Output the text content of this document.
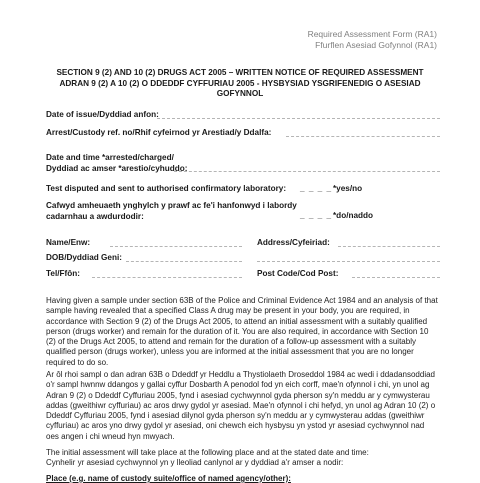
Required Assessment Form (RA1)
Ffurflen Asesiad Gofynnol (RA1)
SECTION 9 (2) AND 10 (2) DRUGS ACT 2005 – WRITTEN NOTICE OF REQUIRED ASSESSMENT
ADRAN 9 (2) A 10 (2) O DDEDDF CYFFURIAU 2005 - HYSBYSIAD YSGRIFENEDIG O ASESIAD GOFYNNOL
Date of issue/Dyddiad anfon:
Arrest/Custody ref. no/Rhif cyfeirnod yr Arestiad/y Ddalfa:
Date and time *arrested/charged/
Dyddiad ac amser *arestio/cyhuddo:
Test disputed and sent to authorised confirmatory laboratory: _ _ _ _ *yes/no
Cafwyd amheuaeth ynghylch y prawf ac fe'i hanfonwyd i labordy
cadarnhau a awdurdodir:	_ _ _ _ *do/naddo
Name/Enw:	Address/Cyfeiriad:
DOB/Dyddiad Geni:
Tel/Ffôn:	Post Code/Cod Post:
Having given a sample under section 63B of the Police and Criminal Evidence Act 1984 and an analysis of that sample having revealed that a specified Class A drug may be present in your body, you are required, in accordance with Section 9 (2) of the Drugs Act 2005, to attend an initial assessment with a suitably qualified person (drugs worker) and remain for the duration of it. You are also required, in accordance with Section 10 (2) of the Drugs Act 2005, to attend and remain for the duration of a follow-up assessment with a suitably qualified person (drugs worker), unless you are informed at the initial assessment that you are no longer required to do so.
Ar ôl rhoi sampl o dan adran 63B o Ddeddf yr Heddlu a Thystiolaeth Droseddol 1984 ac wedi i ddadansoddiad o'r sampl hwnnw ddangos y gallai cyffur Dosbarth A penodol fod yn eich corff, mae'n ofynnol i chi, yn unol ag Adran 9 (2) o Ddeddf Cyffuriau 2005, fynd i asesiad cychwynnol gyda pherson sy'n meddu ar y cymwysterau addas (gweithiwr cyffuriau) ac aros drwy gydol yr asesiad. Mae'n ofynnol i chi hefyd, yn unol ag Adran 10 (2) o Ddeddf Cyffuriau 2005, fynd i asesiad dilynol gyda pherson sy'n meddu ar y cymwysterau addas (gweithiwr cyffuriau) ac aros yno drwy gydol yr asesiad, oni chewch eich hysbysu yn ystod yr asesiad cychwynnol nad oes angen i chi wneud hyn mwyach.
The initial assessment will take place at the following place and at the stated date and time:
Cynhelir yr asesiad cychwynnol yn y lleoliad canlynol ar y dyddiad a'r amser a nodir:
Place (e.g. name of custody suite/office of named agency/other):
